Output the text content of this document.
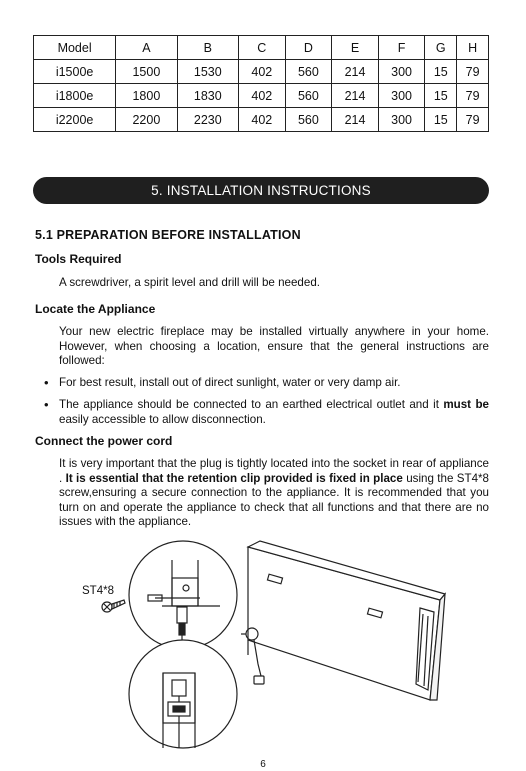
Model	A	B	C	D	E	F	G	H
i1500e	1500	1530	402	560	214	300	15	79
i1800e	1800	1830	402	560	214	300	15	79
i2200e	2200	2230	402	560	214	300	15	79
5. INSTALLATION INSTRUCTIONS
5.1 PREPARATION BEFORE INSTALLATION
Tools Required

A screwdriver, a spirit level and drill will be needed.

Locate the Appliance

Your new electric fireplace may be installed virtually anywhere in your home. However, when choosing a location, ensure that the general instructions are followed:

• For best result, install out of direct sunlight, water or very damp air.

• The appliance should be connected to an earthed electrical outlet and it must be easily accessible to allow disconnection.

Connect the power cord

It is very important that the plug is tightly located into the socket in rear of appliance . It is essential that the retention clip provided is fixed in place using the ST4*8 screw,ensuring a secure connection to the appliance. It is recommended that you turn on and operate the appliance to check that all functions and that there are no issues with the appliance.

ST4*8
6
